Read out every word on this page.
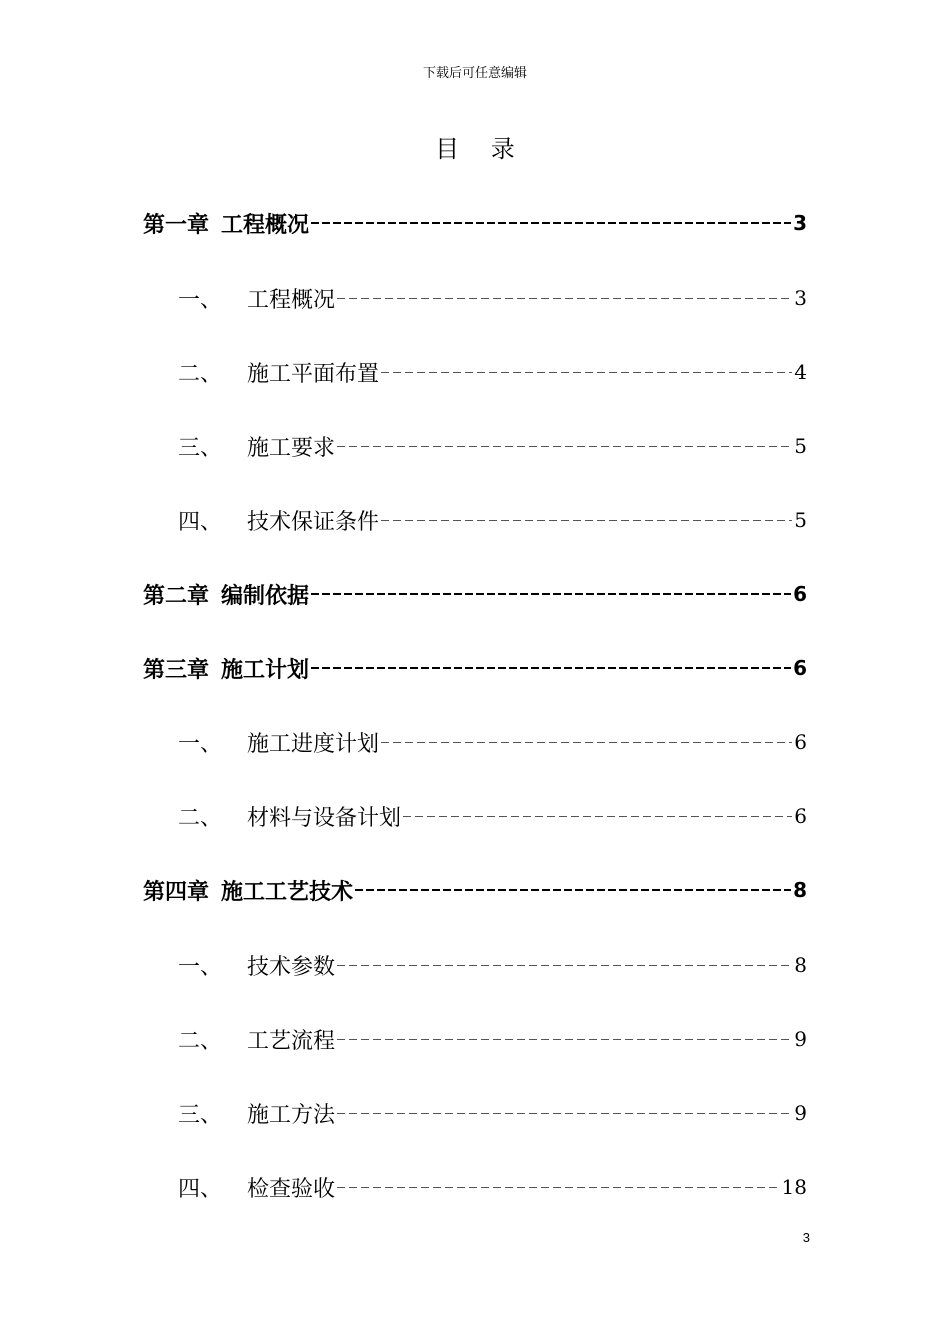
下载后可任意编辑
目 录
第一章 工程概况	3
一、	工程概况	3
二、	施工平面布置	4
三、	施工要求	5
四、	技术保证条件	5
第二章 编制依据	6
第三章 施工计划	6
一、	施工进度计划	6
二、	材料与设备计划	6
第四章 施工工艺技术	8
一、	技术参数	8
二、	工艺流程	9
三、	施工方法	9
四、	检查验收	18
3
